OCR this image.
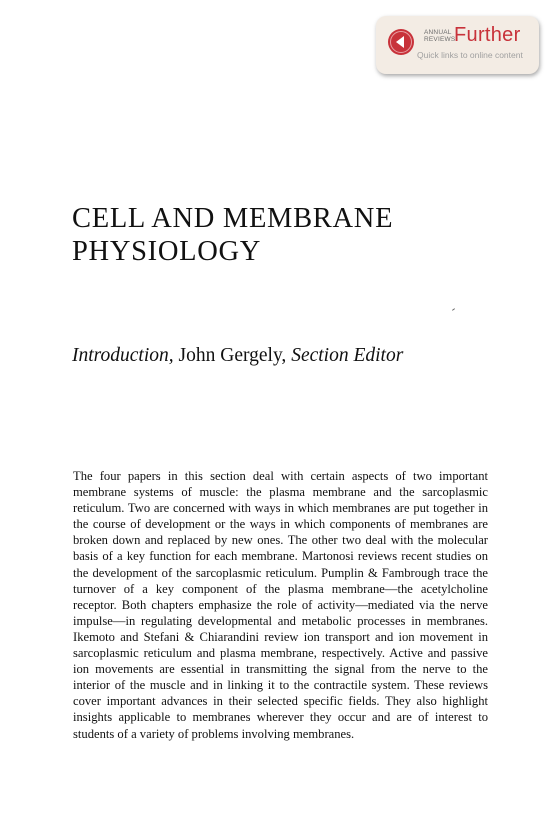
ANNUAL
REVIEWS
Further
Quick links to online content
CELL AND MEMBRANE
PHYSIOLOGY
Introduction, John Gergely, Section Editor

The four papers in this section deal with certain aspects of two important membrane systems of muscle: the plasma membrane and the sarcoplasmic reticulum. Two are concerned with ways in which membranes are put together in the course of development or the ways in which components of membranes are broken down and replaced by new ones. The other two deal with the molecular basis of a key function for each membrane. Martonosi reviews recent studies on the development of the sarcoplasmic reticulum. Pumplin & Fambrough trace the turnover of a key component of the plasma membrane—the acetylcholine receptor. Both chapters emphasize the role of activity—mediated via the nerve impulse—in regulating developmental and metabolic processes in membranes. Ikemoto and Stefani & Chiarandini review ion transport and ion movement in sarcoplasmic reticulum and plasma membrane, respectively. Active and passive ion movements are essential in transmitting the signal from the nerve to the interior of the muscle and in linking it to the contractile system. These reviews cover important advances in their selected specific fields. They also highlight insights applicable to membranes wherever they occur and are of interest to students of a variety of problems involving membranes.
